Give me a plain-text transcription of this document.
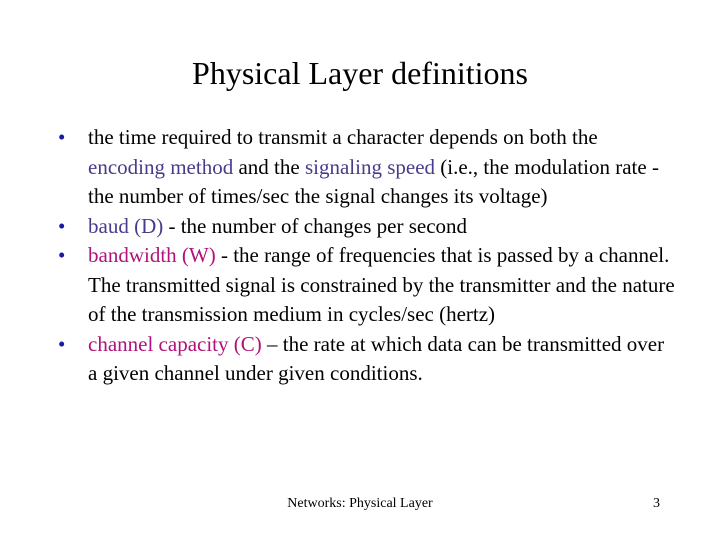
Physical Layer definitions
• the time required to transmit a character depends on both the encoding method and the signaling speed (i.e., the modulation rate - the number of times/sec the signal changes its voltage)
• baud (D) - the number of changes per second
• bandwidth (W) - the range of frequencies that is passed by a channel. The transmitted signal is constrained by the transmitter and the nature of the transmission medium in cycles/sec (hertz)
• channel capacity (C) – the rate at which data can be transmitted over a given channel under given conditions.
Networks: Physical Layer	3
